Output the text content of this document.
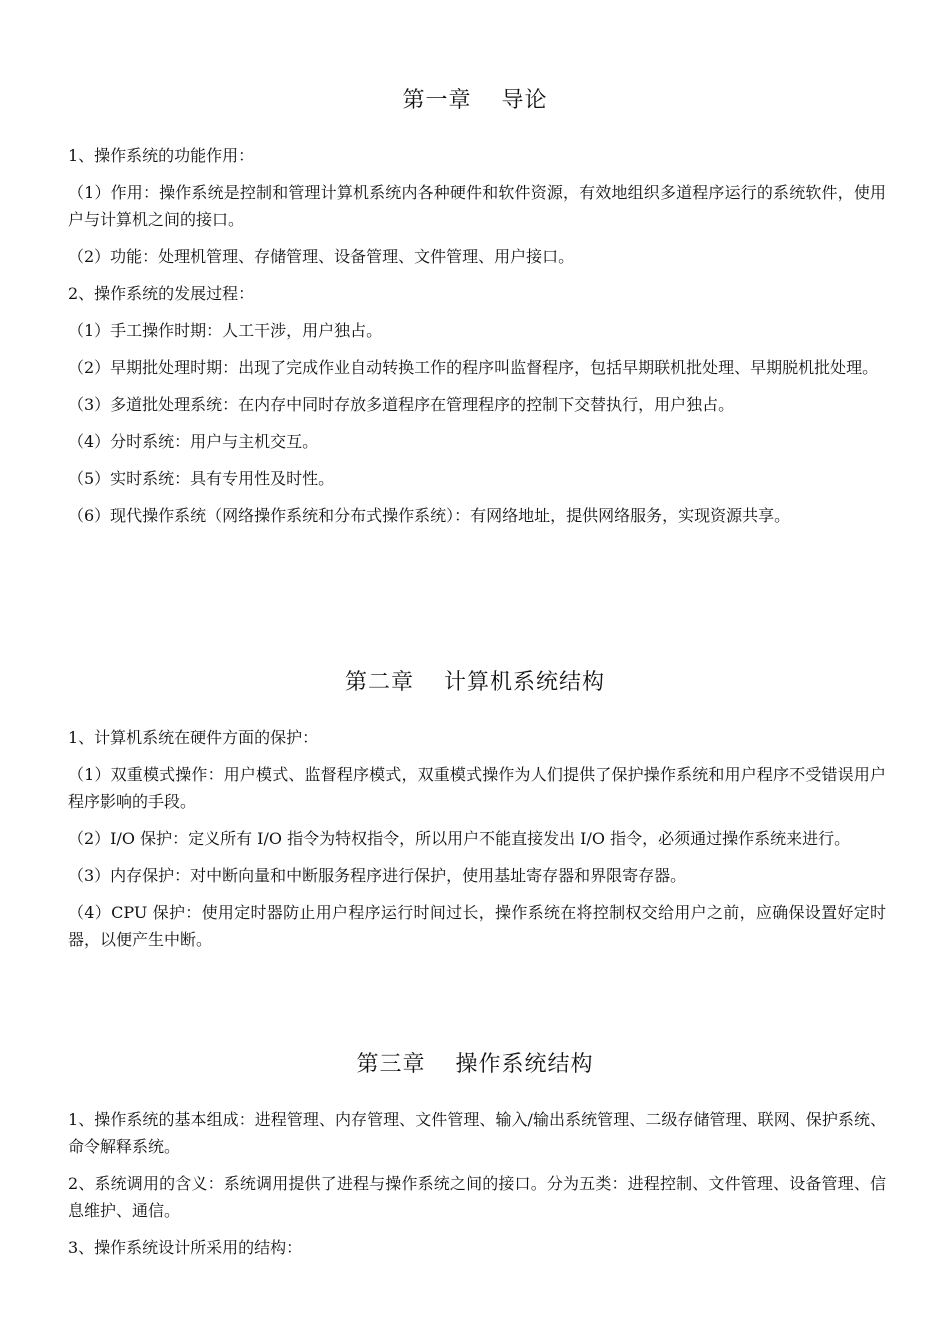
第一章 导论

1、操作系统的功能作用：

（1）作用：操作系统是控制和管理计算机系统内各种硬件和软件资源，有效地组织多道程序运行的系统软件，使用户与计算机之间的接口。

（2）功能：处理机管理、存储管理、设备管理、文件管理、用户接口。

2、操作系统的发展过程：

（1）手工操作时期：人工干涉，用户独占。

（2）早期批处理时期：出现了完成作业自动转换工作的程序叫监督程序，包括早期联机批处理、早期脱机批处理。

（3）多道批处理系统：在内存中同时存放多道程序在管理程序的控制下交替执行，用户独占。

（4）分时系统：用户与主机交互。

（5）实时系统：具有专用性及时性。

（6）现代操作系统（网络操作系统和分布式操作系统）：有网络地址，提供网络服务，实现资源共享。

第二章 计算机系统结构

1、计算机系统在硬件方面的保护：

（1）双重模式操作：用户模式、监督程序模式，双重模式操作为人们提供了保护操作系统和用户程序不受错误用户程序影响的手段。

（2）I/O 保护：定义所有 I/O 指令为特权指令，所以用户不能直接发出 I/O 指令，必须通过操作系统来进行。

（3）内存保护：对中断向量和中断服务程序进行保护，使用基址寄存器和界限寄存器。

（4）CPU 保护：使用定时器防止用户程序运行时间过长，操作系统在将控制权交给用户之前，应确保设置好定时器，以便产生中断。

第三章 操作系统结构

1、操作系统的基本组成：进程管理、内存管理、文件管理、输入/输出系统管理、二级存储管理、联网、保护系统、命令解释系统。

2、系统调用的含义：系统调用提供了进程与操作系统之间的接口。分为五类：进程控制、文件管理、设备管理、信息维护、通信。

3、操作系统设计所采用的结构：
